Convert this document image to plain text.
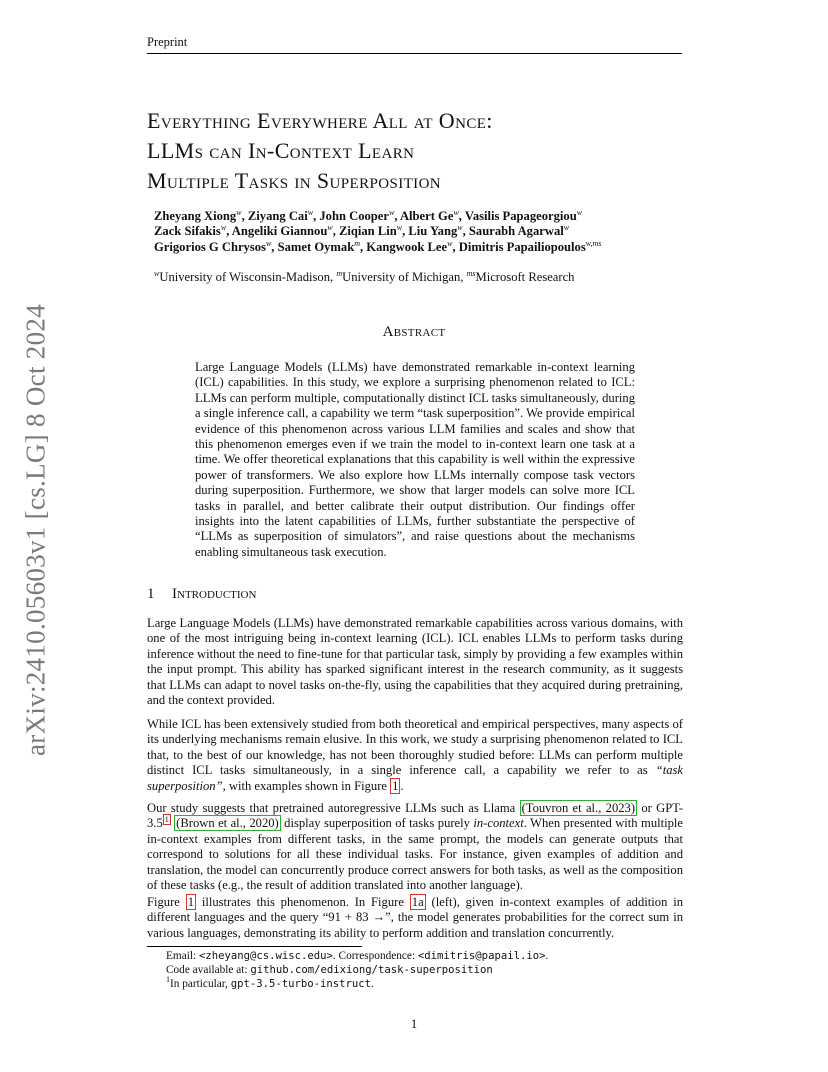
Preprint
arXiv:2410.05603v1 [cs.LG] 8 Oct 2024
Everything Everywhere All at Once:
LLMs can In-Context Learn
Multiple Tasks in Superposition
Zheyang Xiong$^w$, Ziyang Cai$^w$, John Cooper$^w$, Albert Ge$^w$, Vasilis Papageorgiou$^w$
Zack Sifakis$^w$, Angeliki Giannou$^w$, Ziqian Lin$^w$, Liu Yang$^w$, Saurabh Agarwal$^w$
Grigorios G Chrysos$^w$, Samet Oymak$^m$, Kangwook Lee$^w$, Dimitris Papailiopoulos$^{w,ms}$
$^w$University of Wisconsin-Madison, $^m$University of Michigan, $^{ms}$Microsoft Research
Abstract
Large Language Models (LLMs) have demonstrated remarkable in-context learning (ICL) capabilities. In this study, we explore a surprising phenomenon related to ICL: LLMs can perform multiple, computationally distinct ICL tasks simultaneously, during a single inference call, a capability we term “task superposition”. We provide empirical evidence of this phenomenon across various LLM families and scales and show that this phenomenon emerges even if we train the model to in-context learn one task at a time. We offer theoretical explanations that this capability is well within the expressive power of transformers. We also explore how LLMs internally compose task vectors during superposition. Furthermore, we show that larger models can solve more ICL tasks in parallel, and better calibrate their output distribution. Our findings offer insights into the latent capabilities of LLMs, further substantiate the perspective of “LLMs as superposition of simulators”, and raise questions about the mechanisms enabling simultaneous task execution.
1 Introduction
Large Language Models (LLMs) have demonstrated remarkable capabilities across various domains, with one of the most intriguing being in-context learning (ICL). ICL enables LLMs to perform tasks during inference without the need to fine-tune for that particular task, simply by providing a few examples within the input prompt. This ability has sparked significant interest in the research community, as it suggests that LLMs can adapt to novel tasks on-the-fly, using the capabilities that they acquired during pretraining, and the context provided.
While ICL has been extensively studied from both theoretical and empirical perspectives, many aspects of its underlying mechanisms remain elusive. In this work, we study a surprising phenomenon related to ICL that, to the best of our knowledge, has not been thoroughly studied before: LLMs can perform multiple distinct ICL tasks simultaneously, in a single inference call, a capability we refer to as “task superposition”, with examples shown in Figure 1 .
Our study suggests that pretrained autoregressive LLMs such as Llama (Touvron et al., 2023) or GPT-3.5 $^1$ (Brown et al., 2020) display superposition of tasks purely in-context. When presented with multiple in-context examples from different tasks, in the same prompt, the models can generate outputs that correspond to solutions for all these individual tasks. For instance, given examples of addition and translation, the model can concurrently produce correct answers for both tasks, as well as the composition of these tasks (e.g., the result of addition translated into another language).
Figure 1 illustrates this phenomenon. In Figure 1a (left), given in-context examples of addition in different languages and the query “91 + 83 →”, the model generates probabilities for the correct sum in various languages, demonstrating its ability to perform addition and translation concurrently.
Email: <zheyang@cs.wisc.edu>. Correspondence: <dimitris@papail.io>.
Code available at: github.com/edixiong/task-superposition
$^1$In particular, gpt-3.5-turbo-instruct.
1
